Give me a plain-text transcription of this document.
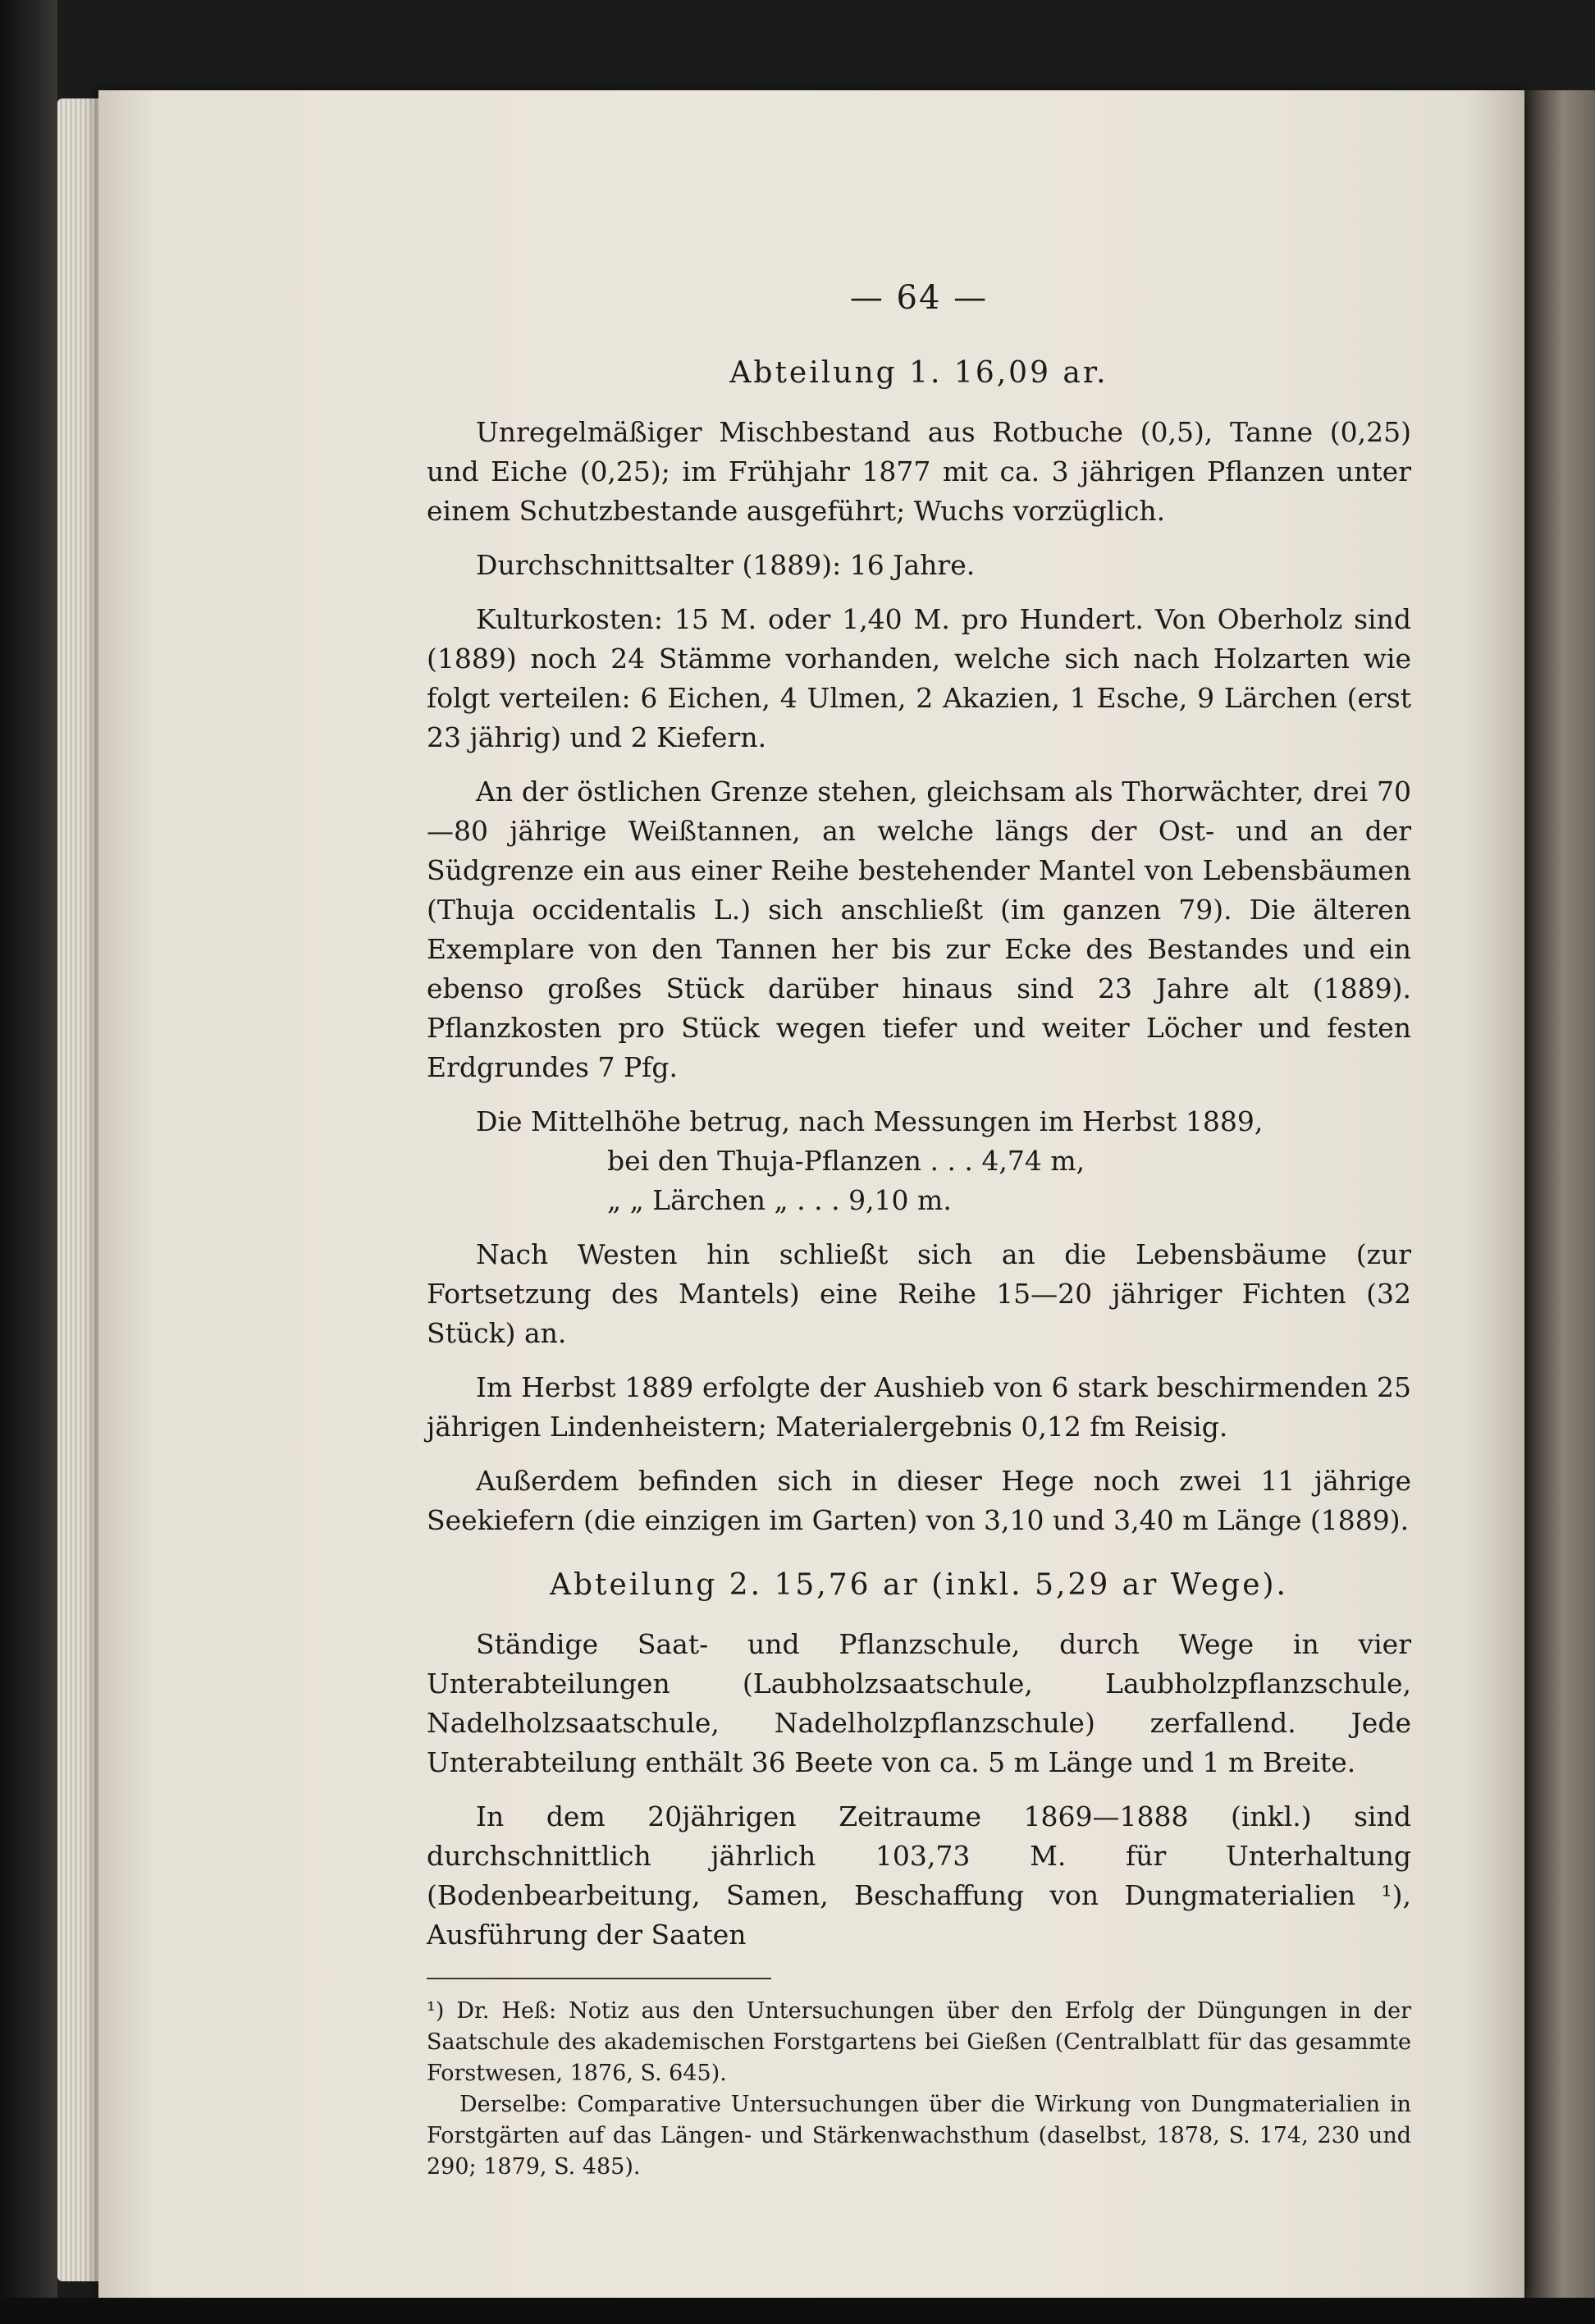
— 64 —
Abteilung 1. 16,09 ar.

Unregelmäßiger Mischbestand aus Rotbuche (0,5), Tanne (0,25) und Eiche (0,25); im Frühjahr 1877 mit ca. 3 jährigen Pflanzen unter einem Schutzbestande ausgeführt; Wuchs vorzüglich.

Durchschnittsalter (1889): 16 Jahre.

Kulturkosten: 15 M. oder 1,40 M. pro Hundert. Von Oberholz sind (1889) noch 24 Stämme vorhanden, welche sich nach Holzarten wie folgt verteilen: 6 Eichen, 4 Ulmen, 2 Akazien, 1 Esche, 9 Lärchen (erst 23 jährig) und 2 Kiefern.

An der östlichen Grenze stehen, gleichsam als Thorwächter, drei 70—80 jährige Weißtannen, an welche längs der Ost- und an der Südgrenze ein aus einer Reihe bestehender Mantel von Lebensbäumen (Thuja occidentalis L.) sich anschließt (im ganzen 79). Die älteren Exemplare von den Tannen her bis zur Ecke des Bestandes und ein ebenso großes Stück darüber hinaus sind 23 Jahre alt (1889). Pflanzkosten pro Stück wegen tiefer und weiter Löcher und festen Erdgrundes 7 Pfg.

Die Mittelhöhe betrug, nach Messungen im Herbst 1889,

bei den Thuja-Pflanzen . . . 4,74 m,
„ „ Lärchen „ . . . 9,10 m.

Nach Westen hin schließt sich an die Lebensbäume (zur Fortsetzung des Mantels) eine Reihe 15—20 jähriger Fichten (32 Stück) an.

Im Herbst 1889 erfolgte der Aushieb von 6 stark beschirmenden 25 jährigen Lindenheistern; Materialergebnis 0,12 fm Reisig.

Außerdem befinden sich in dieser Hege noch zwei 11 jährige Seekiefern (die einzigen im Garten) von 3,10 und 3,40 m Länge (1889).

Abteilung 2. 15,76 ar (inkl. 5,29 ar Wege).

Ständige Saat- und Pflanzschule, durch Wege in vier Unterabteilungen (Laubholzsaatschule, Laubholzpflanzschule, Nadelholzsaatschule, Nadelholzpflanzschule) zerfallend. Jede Unterabteilung enthält 36 Beete von ca. 5 m Länge und 1 m Breite.

In dem 20jährigen Zeitraume 1869—1888 (inkl.) sind durchschnittlich jährlich 103,73 M. für Unterhaltung (Bodenbearbeitung, Samen, Beschaffung von Dungmaterialien ¹), Ausführung der Saaten

¹) Dr. Heß: Notiz aus den Untersuchungen über den Erfolg der Düngungen in der Saatschule des akademischen Forstgartens bei Gießen (Centralblatt für das gesammte Forstwesen, 1876, S. 645).

Derselbe: Comparative Untersuchungen über die Wirkung von Dungmaterialien in Forstgärten auf das Längen- und Stärkenwachsthum (daselbst, 1878, S. 174, 230 und 290; 1879, S. 485).
